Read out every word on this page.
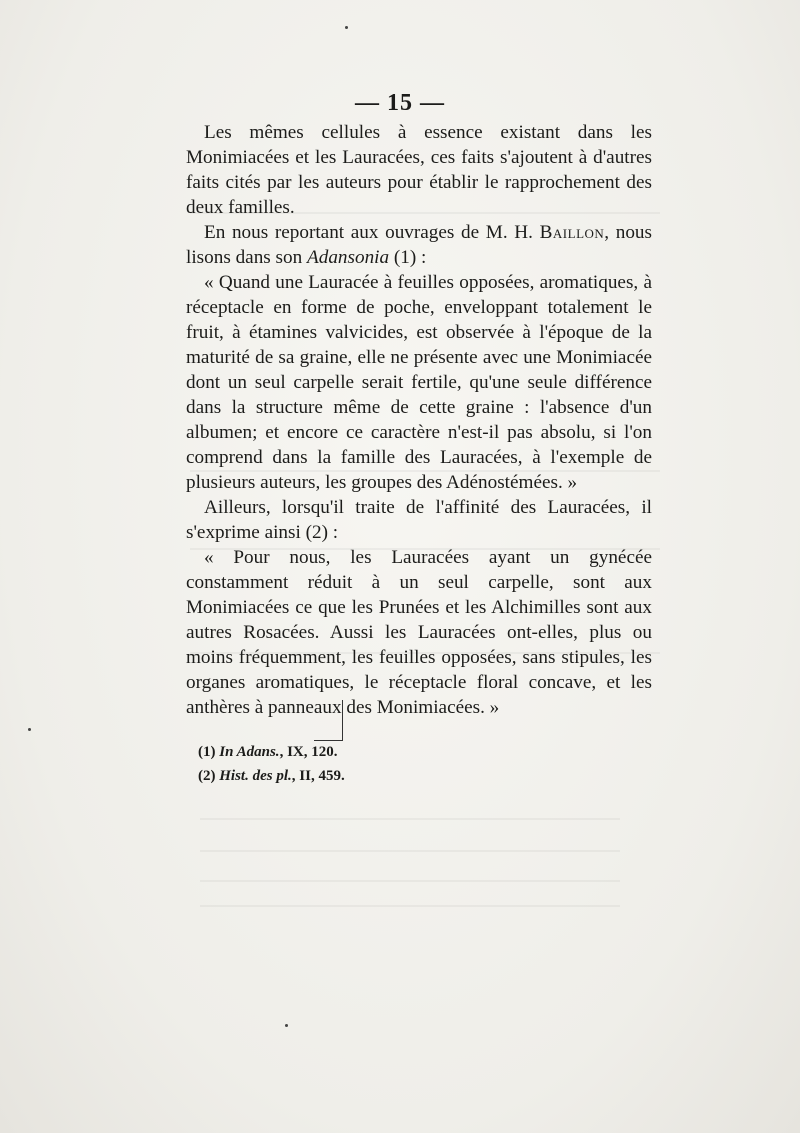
— 15 —

Les mêmes cellules à essence existant dans les Monimiacées et les Lauracées, ces faits s'ajoutent à d'autres faits cités par les auteurs pour établir le rapprochement des deux familles.

En nous reportant aux ouvrages de M. H. Baillon, nous lisons dans son Adansonia (1) :

« Quand une Lauracée à feuilles opposées, aromatiques, à réceptacle en forme de poche, enveloppant totalement le fruit, à étamines valvicides, est observée à l'époque de la maturité de sa graine, elle ne présente avec une Monimiacée dont un seul carpelle serait fertile, qu'une seule différence dans la structure même de cette graine : l'absence d'un albumen; et encore ce caractère n'est-il pas absolu, si l'on comprend dans la famille des Lauracées, à l'exemple de plusieurs auteurs, les groupes des Adénostémées. »

Ailleurs, lorsqu'il traite de l'affinité des Lauracées, il s'exprime ainsi (2) :

« Pour nous, les Lauracées ayant un gynécée constamment réduit à un seul carpelle, sont aux Monimiacées ce que les Prunées et les Alchimilles sont aux autres Rosacées. Aussi les Lauracées ont-elles, plus ou moins fréquemment, les feuilles opposées, sans stipules, les organes aromatiques, le réceptacle floral concave, et les anthères à panneaux des Monimiacées. »

(1) In Adans., IX, 120.
(2) Hist. des pl., II, 459.
